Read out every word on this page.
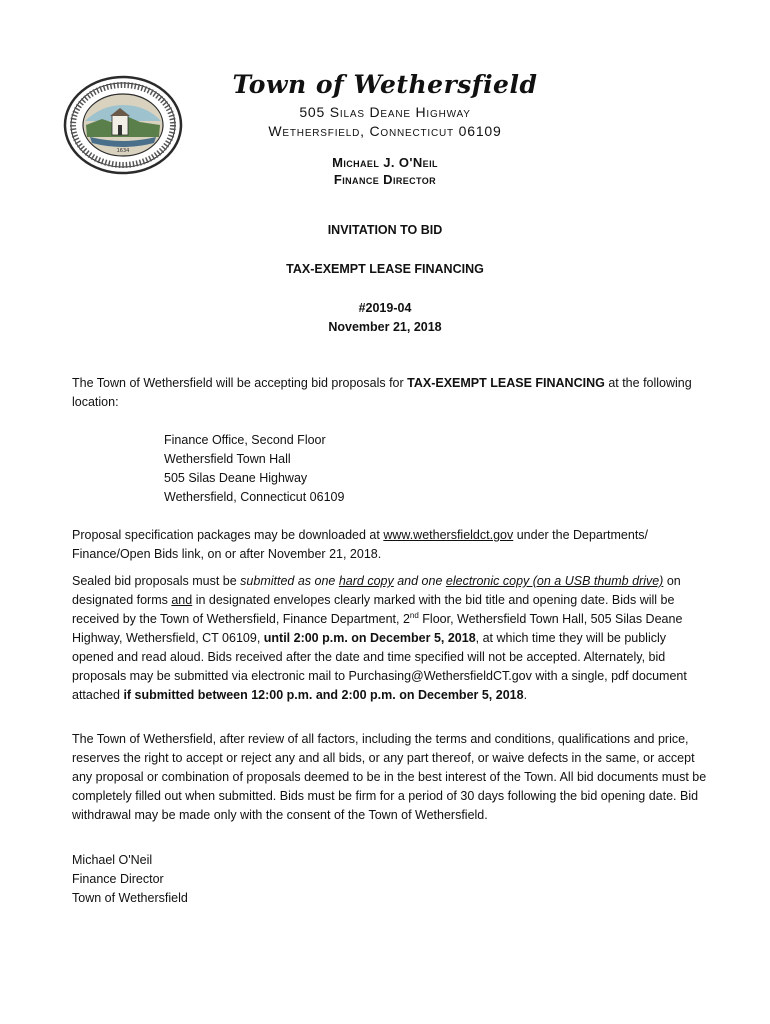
1634
Town of Wethersfield
505 Silas Deane Highway
Wethersfield, Connecticut 06109
Michael J. O'Neil
Finance Director
INVITATION TO BID
TAX-EXEMPT LEASE FINANCING
#2019-04
November 21, 2018
The Town of Wethersfield will be accepting bid proposals for TAX-EXEMPT LEASE FINANCING at the following location:
Finance Office, Second Floor
Wethersfield Town Hall
505 Silas Deane Highway
Wethersfield, Connecticut 06109
Proposal specification packages may be downloaded at www.wethersfieldct.gov under the Departments/ Finance/Open Bids link, on or after November 21, 2018.
Sealed bid proposals must be submitted as one hard copy and one electronic copy (on a USB thumb drive) on designated forms and in designated envelopes clearly marked with the bid title and opening date. Bids will be received by the Town of Wethersfield, Finance Department, 2nd Floor, Wethersfield Town Hall, 505 Silas Deane Highway, Wethersfield, CT 06109, until 2:00 p.m. on December 5, 2018, at which time they will be publicly opened and read aloud. Bids received after the date and time specified will not be accepted. Alternately, bid proposals may be submitted via electronic mail to Purchasing@WethersfieldCT.gov with a single, pdf document attached if submitted between 12:00 p.m. and 2:00 p.m. on December 5, 2018.
The Town of Wethersfield, after review of all factors, including the terms and conditions, qualifications and price, reserves the right to accept or reject any and all bids, or any part thereof, or waive defects in the same, or accept any proposal or combination of proposals deemed to be in the best interest of the Town. All bid documents must be completely filled out when submitted. Bids must be firm for a period of 30 days following the bid opening date. Bid withdrawal may be made only with the consent of the Town of Wethersfield.
Michael O'Neil
Finance Director
Town of Wethersfield
